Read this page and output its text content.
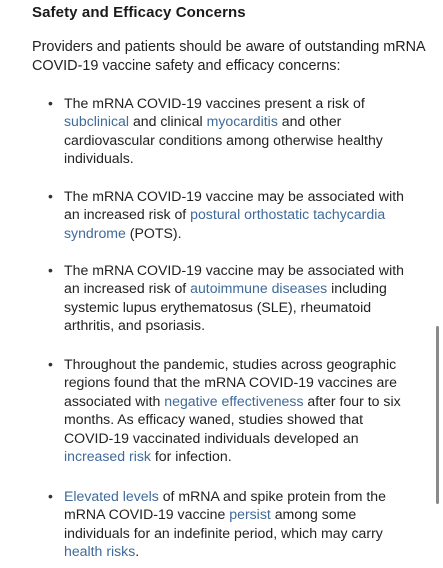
Safety and Efficacy Concerns

Providers and patients should be aware of outstanding mRNA COVID-19 vaccine safety and efficacy concerns:

• The mRNA COVID-19 vaccines present a risk of subclinical and clinical myocarditis and other cardiovascular conditions among otherwise healthy individuals.
• The mRNA COVID-19 vaccine may be associated with an increased risk of postural orthostatic tachycardia syndrome (POTS).
• The mRNA COVID-19 vaccine may be associated with an increased risk of autoimmune diseases including systemic lupus erythematosus (SLE), rheumatoid arthritis, and psoriasis.
• Throughout the pandemic, studies across geographic regions found that the mRNA COVID-19 vaccines are associated with negative effectiveness after four to six months. As efficacy waned, studies showed that COVID-19 vaccinated individuals developed an increased risk for infection.
• Elevated levels of mRNA and spike protein from the mRNA COVID-19 vaccine persist among some individuals for an indefinite period, which may carry health risks.
